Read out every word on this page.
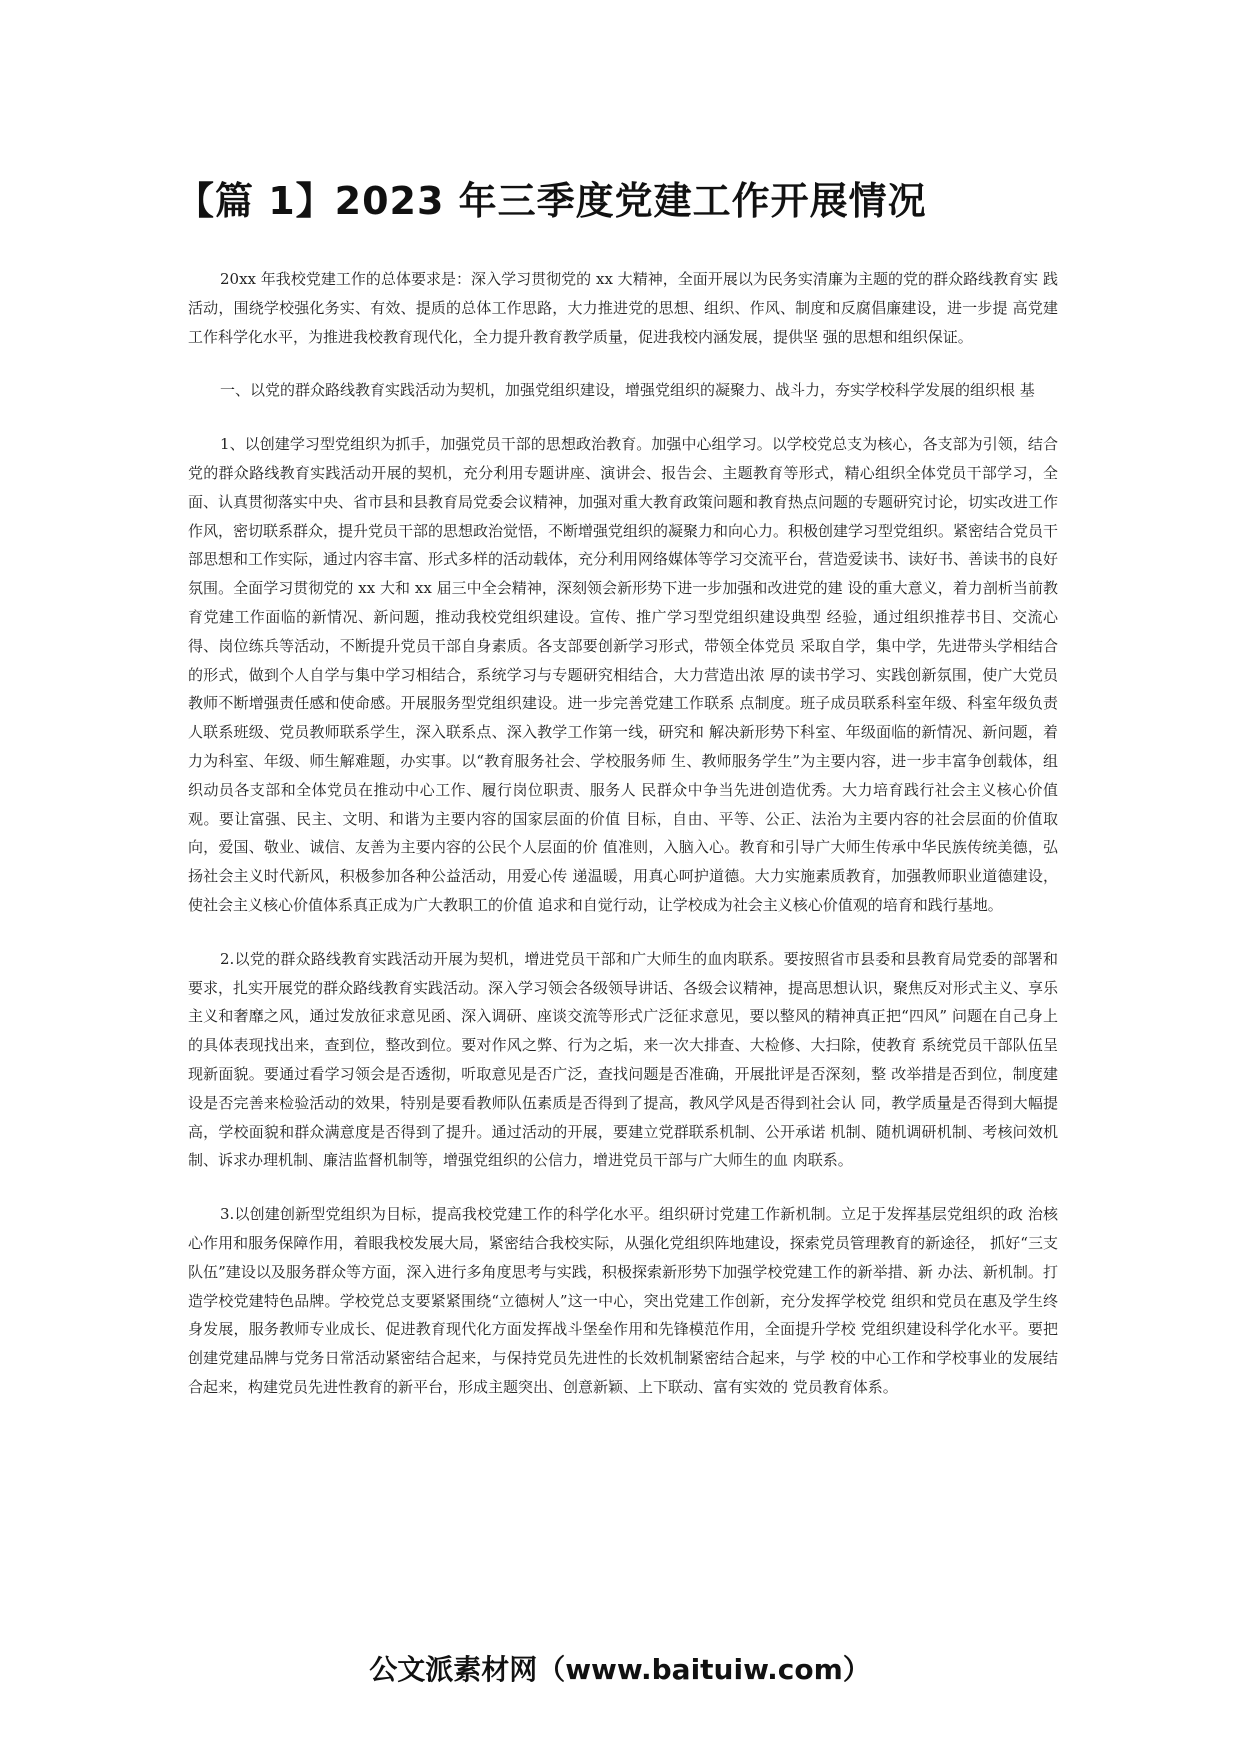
【篇 1】2023 年三季度党建工作开展情况

20xx 年我校党建工作的总体要求是：深入学习贯彻党的 xx 大精神，全面开展以为民务实清廉为主题的党的群众路线教育实 践活动，围绕学校强化务实、有效、提质的总体工作思路，大力推进党的思想、组织、作风、制度和反腐倡廉建设，进一步提 高党建工作科学化水平，为推进我校教育现代化，全力提升教育教学质量，促进我校内涵发展，提供坚 强的思想和组织保证。

一、以党的群众路线教育实践活动为契机，加强党组织建设，增强党组织的凝聚力、战斗力，夯实学校科学发展的组织根 基

1、以创建学习型党组织为抓手，加强党员干部的思想政治教育。加强中心组学习。以学校党总支为核心，各支部为引领，结合党的群众路线教育实践活动开展的契机，充分利用专题讲座、演讲会、报告会、主题教育等形式，精心组织全体党员干部学习，全面、认真贯彻落实中央、省市县和县教育局党委会议精神，加强对重大教育政策问题和教育热点问题的专题研究讨论，切实改进工作作风，密切联系群众，提升党员干部的思想政治觉悟，不断增强党组织的凝聚力和向心力。积极创建学习型党组织。紧密结合党员干部思想和工作实际，通过内容丰富、形式多样的活动载体，充分利用网络媒体等学习交流平台，营造爱读书、读好书、善读书的良好氛围。全面学习贯彻党的 xx 大和 xx 届三中全会精神，深刻领会新形势下进一步加强和改进党的建 设的重大意义，着力剖析当前教育党建工作面临的新情况、新问题，推动我校党组织建设。宣传、推广学习型党组织建设典型 经验，通过组织推荐书目、交流心得、岗位练兵等活动，不断提升党员干部自身素质。各支部要创新学习形式，带领全体党员 采取自学，集中学，先进带头学相结合的形式，做到个人自学与集中学习相结合，系统学习与专题研究相结合，大力营造出浓 厚的读书学习、实践创新氛围，使广大党员教师不断增强责任感和使命感。开展服务型党组织建设。进一步完善党建工作联系 点制度。班子成员联系科室年级、科室年级负责人联系班级、党员教师联系学生，深入联系点、深入教学工作第一线，研究和 解决新形势下科室、年级面临的新情况、新问题，着力为科室、年级、师生解难题，办实事。以“教育服务社会、学校服务师 生、教师服务学生”为主要内容，进一步丰富争创载体，组织动员各支部和全体党员在推动中心工作、履行岗位职责、服务人 民群众中争当先进创造优秀。大力培育践行社会主义核心价值观。要让富强、民主、文明、和谐为主要内容的国家层面的价值 目标，自由、平等、公正、法治为主要内容的社会层面的价值取向，爱国、敬业、诚信、友善为主要内容的公民个人层面的价 值准则，入脑入心。教育和引导广大师生传承中华民族传统美德，弘扬社会主义时代新风，积极参加各种公益活动，用爱心传 递温暖，用真心呵护道德。大力实施素质教育，加强教师职业道德建设，使社会主义核心价值体系真正成为广大教职工的价值 追求和自觉行动，让学校成为社会主义核心价值观的培育和践行基地。

2.以党的群众路线教育实践活动开展为契机，增进党员干部和广大师生的血肉联系。要按照省市县委和县教育局党委的部署和要求，扎实开展党的群众路线教育实践活动。深入学习领会各级领导讲话、各级会议精神，提高思想认识，聚焦反对形式主义、享乐主义和奢靡之风，通过发放征求意见函、深入调研、座谈交流等形式广泛征求意见，要以整风的精神真正把“四风” 问题在自己身上的具体表现找出来，查到位，整改到位。要对作风之弊、行为之垢，来一次大排查、大检修、大扫除，使教育 系统党员干部队伍呈现新面貌。要通过看学习领会是否透彻，听取意见是否广泛，查找问题是否准确，开展批评是否深刻，整 改举措是否到位，制度建设是否完善来检验活动的效果，特别是要看教师队伍素质是否得到了提高，教风学风是否得到社会认 同，教学质量是否得到大幅提高，学校面貌和群众满意度是否得到了提升。通过活动的开展，要建立党群联系机制、公开承诺 机制、随机调研机制、考核问效机制、诉求办理机制、廉洁监督机制等，增强党组织的公信力，增进党员干部与广大师生的血 肉联系。

3.以创建创新型党组织为目标，提高我校党建工作的科学化水平。组织研讨党建工作新机制。立足于发挥基层党组织的政 治核心作用和服务保障作用，着眼我校发展大局，紧密结合我校实际，从强化党组织阵地建设，探索党员管理教育的新途径， 抓好“三支队伍”建设以及服务群众等方面，深入进行多角度思考与实践，积极探索新形势下加强学校党建工作的新举措、新 办法、新机制。打造学校党建特色品牌。学校党总支要紧紧围绕“立德树人”这一中心，突出党建工作创新，充分发挥学校党 组织和党员在惠及学生终身发展，服务教师专业成长、促进教育现代化方面发挥战斗堡垒作用和先锋模范作用，全面提升学校 党组织建设科学化水平。要把创建党建品牌与党务日常活动紧密结合起来，与保持党员先进性的长效机制紧密结合起来，与学 校的中心工作和学校事业的发展结合起来，构建党员先进性教育的新平台，形成主题突出、创意新颖、上下联动、富有实效的 党员教育体系。

公文派素材网（www.baituiw.com）
